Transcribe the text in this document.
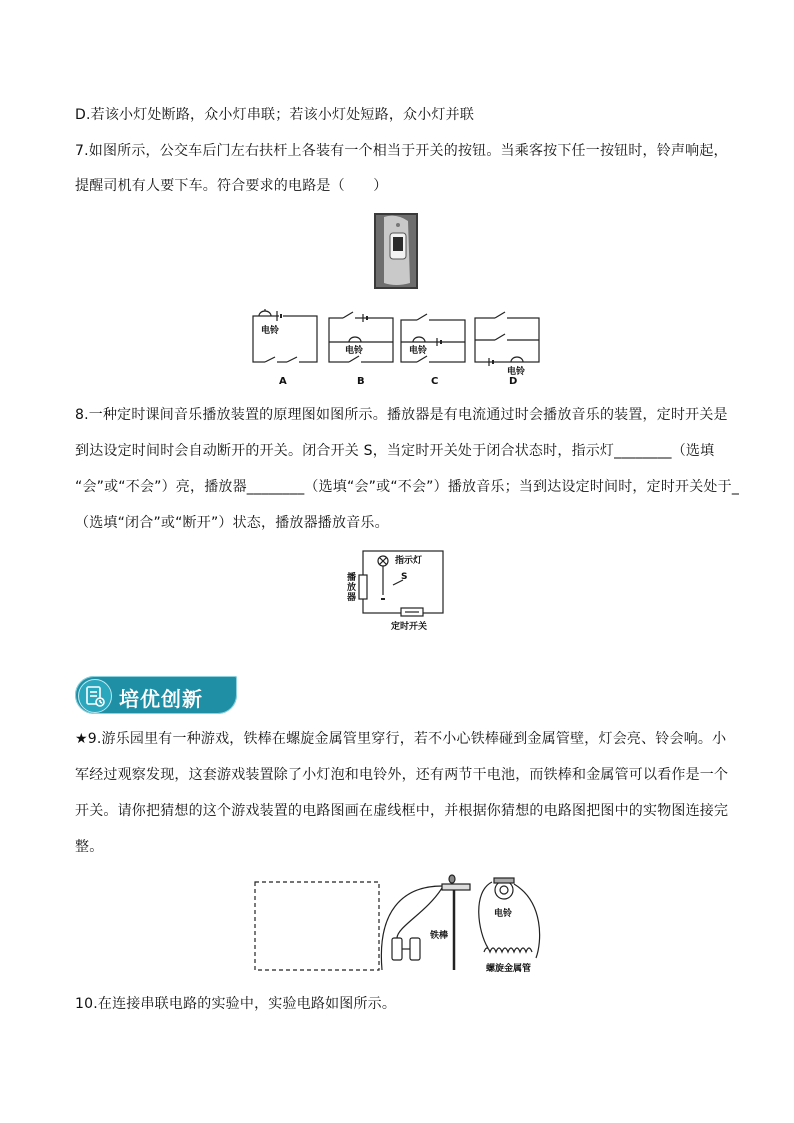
D.若该小灯处断路，众小灯串联；若该小灯处短路，众小灯并联
7.如图所示，公交车后门左右扶杆上各装有一个相当于开关的按钮。当乘客按下任一按钮时，铃声响起，
提醒司机有人要下车。符合要求的电路是（　　）
电铃
电铃	电铃
电铃
A	B	C	D
8.一种定时课间音乐播放装置的原理图如图所示。播放器是有电流通过时会播放音乐的装置，定时开关是
到达设定时间时会自动断开的开关。闭合开关 S，当定时开关处于闭合状态时，指示灯________（选填
“会”或“不会”）亮，播放器________（选填“会”或“不会”）播放音乐；当到达设定时间时，定时开关处于_
（选填“闭合”或“断开”）状态，播放器播放音乐。
指示灯
S
播放器
定时开关
培优创新
★9.游乐园里有一种游戏，铁棒在螺旋金属管里穿行，若不小心铁棒碰到金属管壁，灯会亮、铃会响。小
军经过观察发现，这套游戏装置除了小灯泡和电铃外，还有两节干电池，而铁棒和金属管可以看作是一个
开关。请你把猜想的这个游戏装置的电路图画在虚线框中，并根据你猜想的电路图把图中的实物图连接完
整。
铁棒
电铃
螺旋金属管
10.在连接串联电路的实验中，实验电路如图所示。
